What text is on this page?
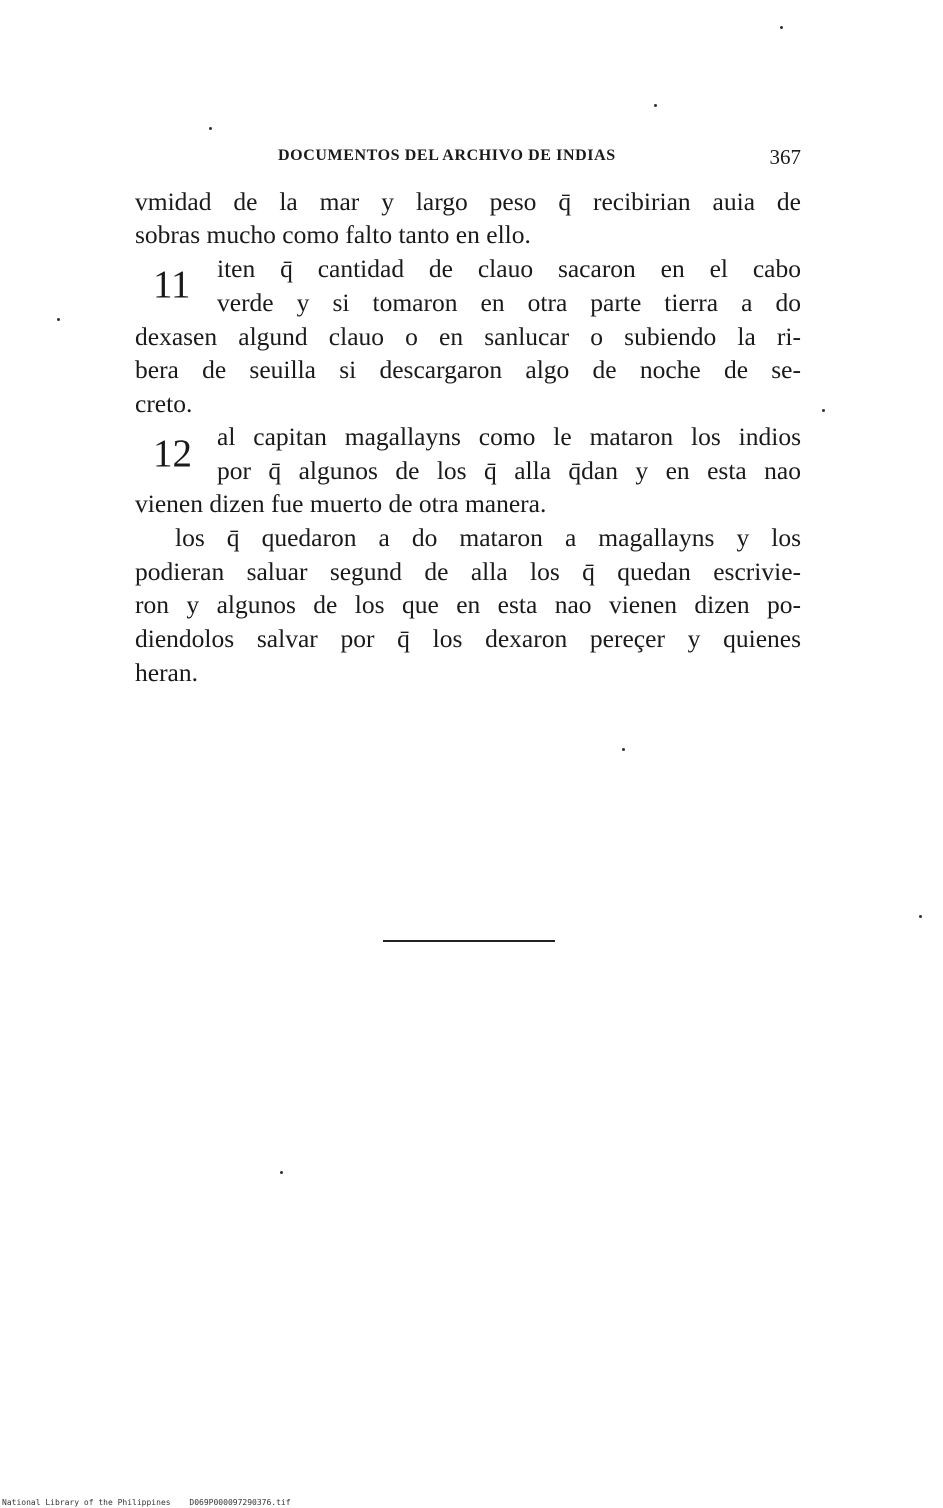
DOCUMENTOS DEL ARCHIVO DE INDIAS	367
vmidad de la mar y largo peso q̄ recibirian auia de
sobras mucho como falto tanto en ello.
11 iten q̄ cantidad de clauo sacaron en el cabo
verde y si tomaron en otra parte tierra a do
dexasen algund clauo o en sanlucar o subiendo la ri-
bera de seuilla si descargaron algo de noche de se-
creto.
12 al capitan magallayns como le mataron los indios
por q̄ algunos de los q̄ alla q̄dan y en esta nao
vienen dizen fue muerto de otra manera.
los q̄ quedaron a do mataron a magallayns y los
podieran saluar segund de alla los q̄ quedan escrivie-
ron y algunos de los que en esta nao vienen dizen po-
diendolos salvar por q̄ los dexaron pereçer y quienes
heran.
National Library of the Philippines D069P000097290376.tif
